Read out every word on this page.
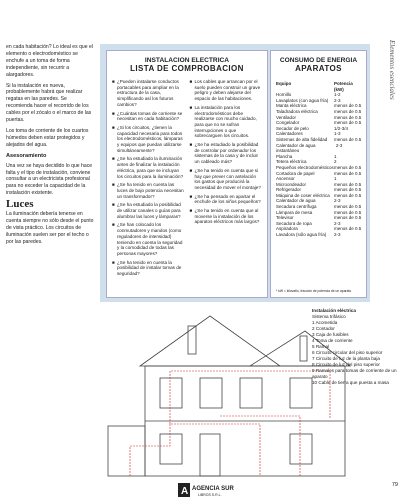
Elementos esenciales

en cada habitación? Lo ideal es que el elemento o electrodoméstico se enchufe a un toma de forma independiente, sin recurrir a alargadores.

Si la instalación es nueva, probablemente habrá que realizar regatas en las paredes. Se recomienda hacer el recorrido de los cables por el zócalo o el marco de las puertas.

Los toma de corriente de los cuartos húmedos deben estar protegidos y alejados del agua.

Asesoramiento

Una vez se haya decidido lo que hace falta y el tipo de instalación, conviene consultar a un electricista profesional para no exceder la capacidad de la instalación existente.

Luces

La iluminación debería tenerse en cuenta siempre no sólo desde el punto de vista práctico. Los circuitos de iluminación suelen ser por el techo o por las paredes.

INSTALACION ELECTRICA
LISTA DE COMPROBACION
■ ¿Pueden instalarse conductos portacables para ampliar en la estructura de la casa, simplificando así los futuros cambios?
■ ¿Cuántas tomas de corriente se necesitan en cada habitación?
■ ¿Si los circuitos, ¿tienen la capacidad necesaria para todos los electrodomésticos, lámparas y equipos que puedan utilizarse simultáneamente?
■ ¿Se ha estudiado la iluminación antes de finalizar la instalación eléctrica, para que se incluyan los circuitos para la iluminación?
■ ¿Se ha tenido en cuenta las luces de bajo potencia necesitan un transformador?
■ ¿Se ha estudiado la posibilidad de utilizar canales o guías para alumbrar las luces y lámparas?
■ ¿Se han colocado los conmutadores y mandos (como reguladores de intensidad) teniendo en cuenta la seguridad y la comodidad de todas las personas mayores?
■ ¿Se ha tenido en cuenta la posibilidad de instalar tomas de seguridad?
■ Los cables que arrancan por el suelo pueden construir un grave peligro y deben alejarse del espacio de las habitaciones.
■ La instalación para los electrodomésticos debe realizarse con mucho cuidado, para que no se sufran interrupciones o que sobrecarguen los circuitos.
■ ¿Se ha estudiado la posibilidad de controlar por ordenador los sistemas de la casa y de incluir un cableado más?
■ ¿Se ha tenido en cuenta que si hay que prever con antelación los gastos que producirá la necesidad de mover el montaje?
■ ¿Se ha pensado en apartar el enchufe de los niños pequeños?
■ ¿Se ha tenido en cuenta que al moverse la instalación de los aparatos eléctricos más largos?
CONSUMO DE ENERGIA
APARATOS
Equipo	Potencia (kW)
Hornillo	1-2
Lavaplatos (con agua fría) 2-3
Manta eléctrica	menos de 0.5
Taladradora eléctrica	menos de 0.5
Ventilador	menos de 0.5
Congelador	menos de 0.5
Secador de pelo	1/2-3/4
Calentadores	1-3
Sistemas de alta fidelidad menos de 0.5
Calentador de agua instantáneo
2-3
Plancha	1
Tetera eléctrica	2
Pequeños electrodomésticos menos de 0.5
Cortadora de papel	menos de 0.5
Ascensor	1
Microondeador	menos de 0.5
Refrigerador	menos de 0.5
Máquina de coser eléctrica menos de 0.5
Calentador de agua	2-3
Secadora centrífuga	menos de 0.5
Lámpara de mesa	menos de 0.5
Televisor	menos de 0.5
Secadora de ropa	2-3
Aspiradora	menos de 0.5
Lavadora (sólo agua fría) 2-3
* kW = kilovatio, fracción de potencia de un aparato
Instalación eléctrica
Sistema trifásico
1 Acometida
2 Contador
3 Caja de fusibles
4 Toma de corriente
5 Ramal
6 Circuito circular del piso superior
7 Circuito de luz de la planta baja
8 Circuito de luz del piso superior
9 Ramales para tomas de corriente de un aparato
10 Cable de tierra que puesta a masa
A AGENCIA SUR
LIBROS S.R.L.
79
